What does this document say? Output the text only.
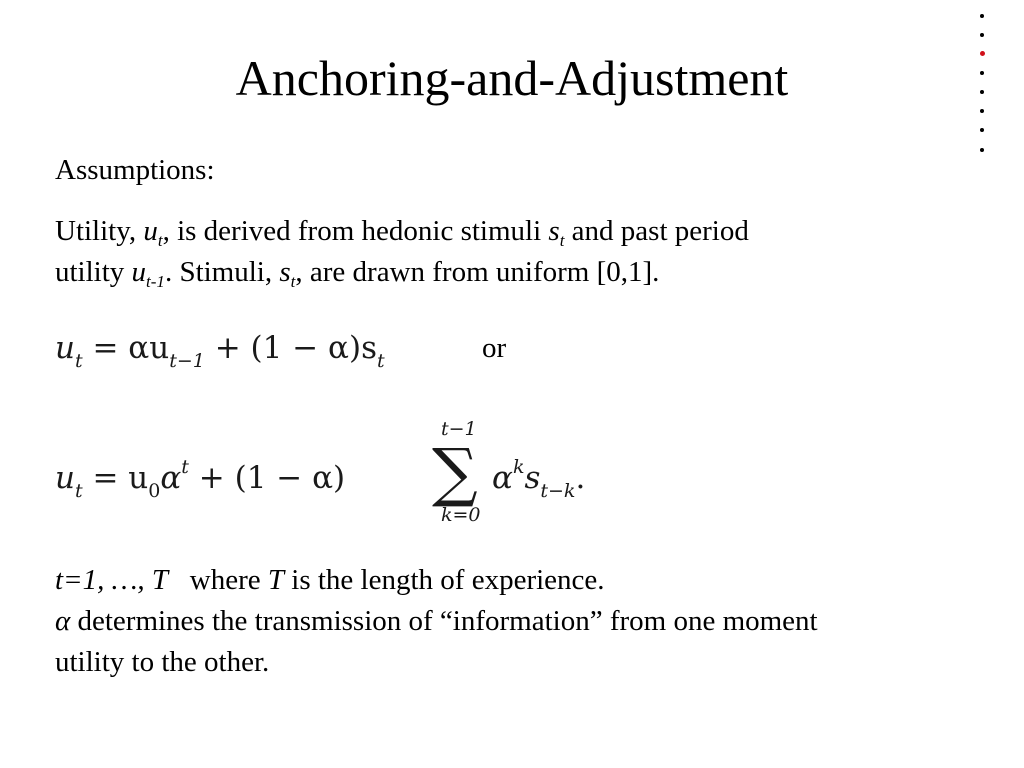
Anchoring-and-Adjustment
Assumptions:
Utility, $u_t$, is derived from hedonic stimuli $s_t$ and past period
utility $u_{t-1}$. Stimuli, $s_t$, are drawn from uniform [0,1].
$u_t = \alpha u_{t-1} + (1 - \alpha)s_t$	or
$u_t = u_0\alpha^t + (1 - \alpha)$
t−1
∑
k=0
$\alpha^ks_{t-k}$.
t=1, …, T   where T is the length of experience.
α determines the transmission of “information” from one moment
utility to the other.
